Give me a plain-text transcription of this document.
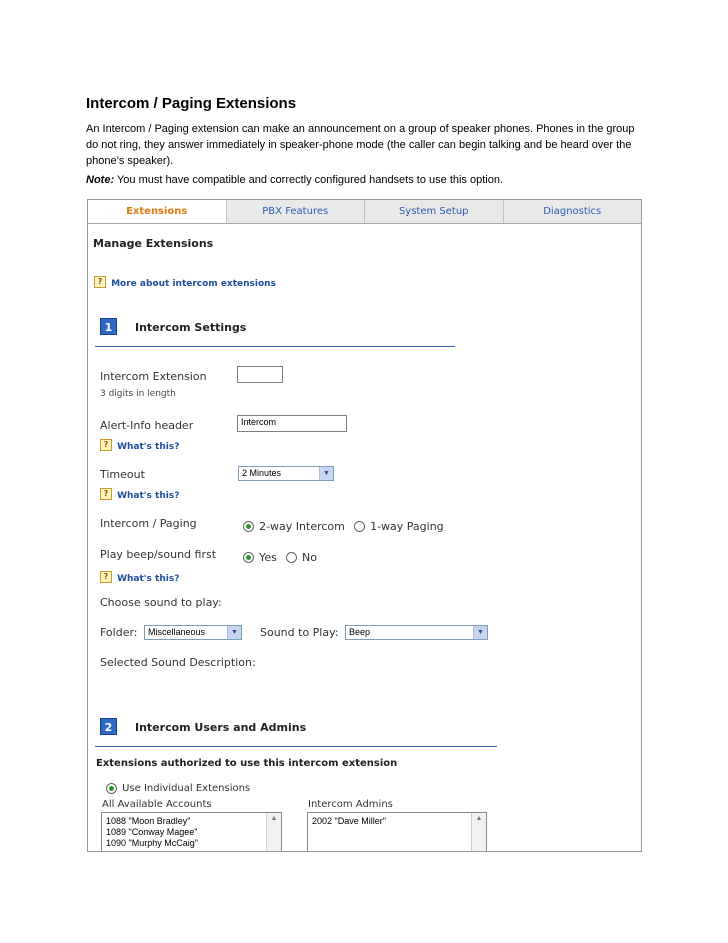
Intercom / Paging Extensions
An Intercom / Paging extension can make an announcement on a group of speaker phones. Phones in the group do not ring, they answer immediately in speaker-phone mode (the caller can begin talking and be heard over the phone’s speaker).
Note: You must have compatible and correctly configured handsets to use this option.
Extensions	PBX Features	System Setup	Diagnostics
Manage Extensions
? More about intercom extensions
1	Intercom Settings
Intercom Extension
3 digits in length
Alert-Info header	Intercom
? What's this?
Timeout	2 Minutes	▼
? What's this?
Intercom / Paging	2-way Intercom 1-way Paging
Play beep/sound first	Yes No
? What's this?
Choose sound to play:
Folder: Miscellaneous	▼ Sound to Play: Beep	▼
Selected Sound Description:
2	Intercom Users and Admins
Extensions authorized to use this intercom extension
Use Individual Extensions
All Available Accounts
1088 "Moon Bradley"
1089 "Conway Magee"
1090 "Murphy McCaig"
▲
Intercom Admins
2002 "Dave Miller"	▲
